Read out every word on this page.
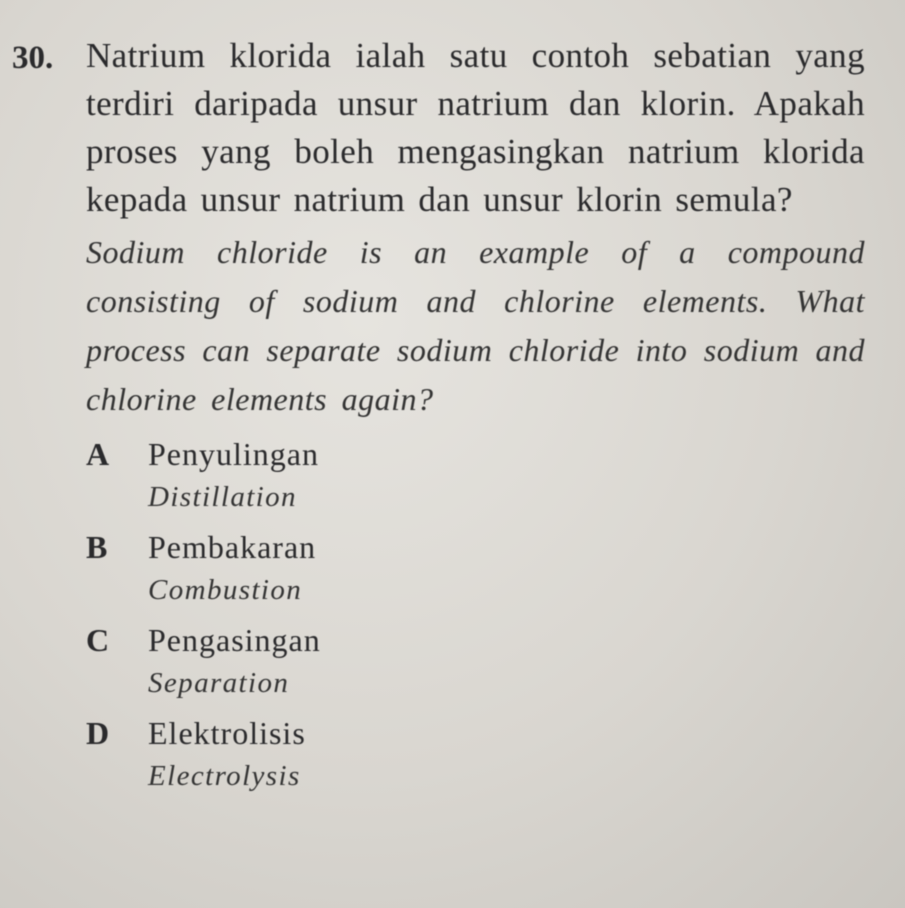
30. Natrium klorida ialah satu contoh sebatian yang terdiri daripada unsur natrium dan klorin. Apakah proses yang boleh mengasingkan natrium klorida kepada unsur natrium dan unsur klorin semula?

Sodium chloride is an example of a compound consisting of sodium and chlorine elements. What process can separate sodium chloride into sodium and chlorine elements again?

A	Penyulingan
Distillation
B	Pembakaran
Combustion
C	Pengasingan
Separation
D	Elektrolisis
Electrolysis
